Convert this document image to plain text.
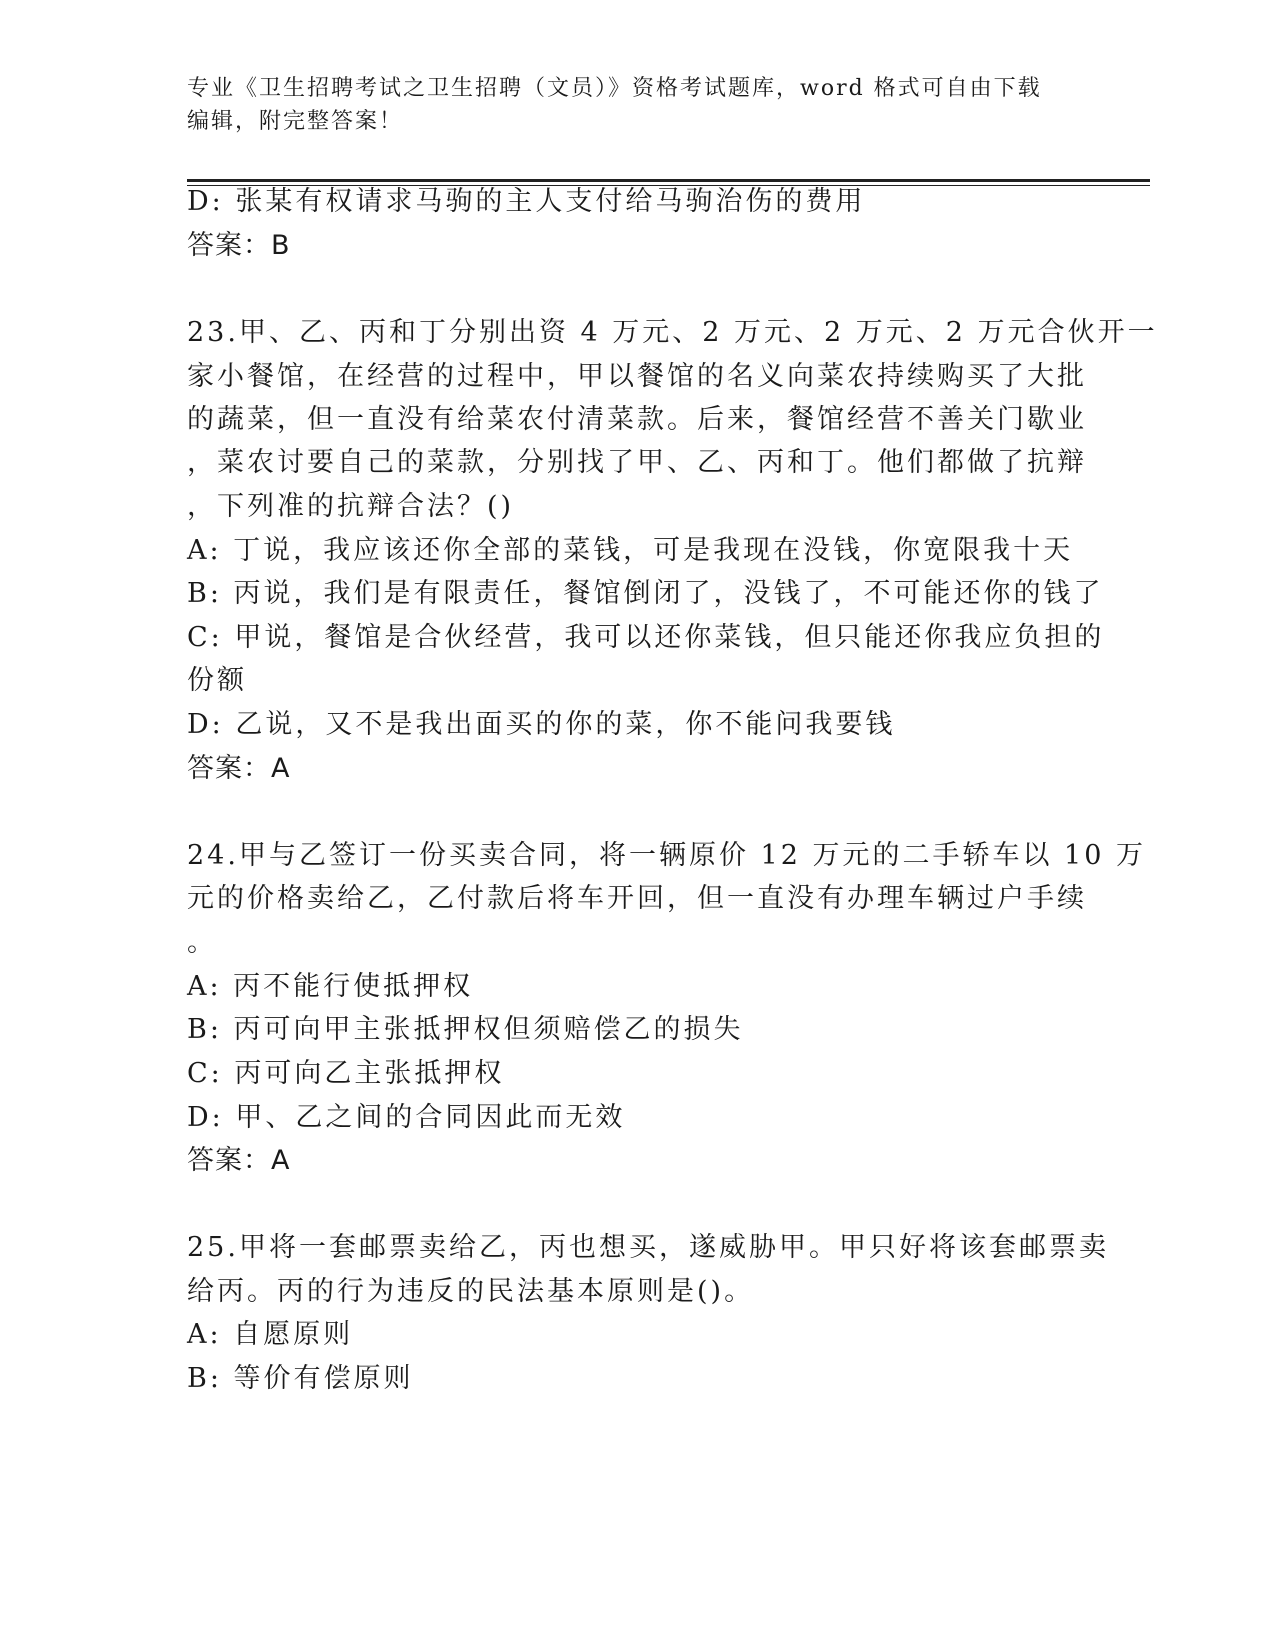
专业《卫生招聘考试之卫生招聘（文员）》资格考试题库，word 格式可自由下载
编辑，附完整答案！
D: 张某有权请求马驹的主人支付给马驹治伤的费用
答案：B
23.甲、乙、丙和丁分别出资 4 万元、2 万元、2 万元、2 万元合伙开一
家小餐馆，在经营的过程中，甲以餐馆的名义向菜农持续购买了大批
的蔬菜，但一直没有给菜农付清菜款。后来，餐馆经营不善关门歇业
，菜农讨要自己的菜款，分别找了甲、乙、丙和丁。他们都做了抗辩
，下列准的抗辩合法？()
A: 丁说，我应该还你全部的菜钱，可是我现在没钱，你宽限我十天
B: 丙说，我们是有限责任，餐馆倒闭了，没钱了，不可能还你的钱了
C: 甲说，餐馆是合伙经营，我可以还你菜钱，但只能还你我应负担的
份额
D: 乙说，又不是我出面买的你的菜，你不能问我要钱
答案：A
24.甲与乙签订一份买卖合同，将一辆原价 12 万元的二手轿车以 10 万
元的价格卖给乙，乙付款后将车开回，但一直没有办理车辆过户手续
。
A: 丙不能行使抵押权
B: 丙可向甲主张抵押权但须赔偿乙的损失
C: 丙可向乙主张抵押权
D: 甲、乙之间的合同因此而无效
答案：A
25.甲将一套邮票卖给乙，丙也想买，遂威胁甲。甲只好将该套邮票卖
给丙。丙的行为违反的民法基本原则是()。
A: 自愿原则
B: 等价有偿原则
